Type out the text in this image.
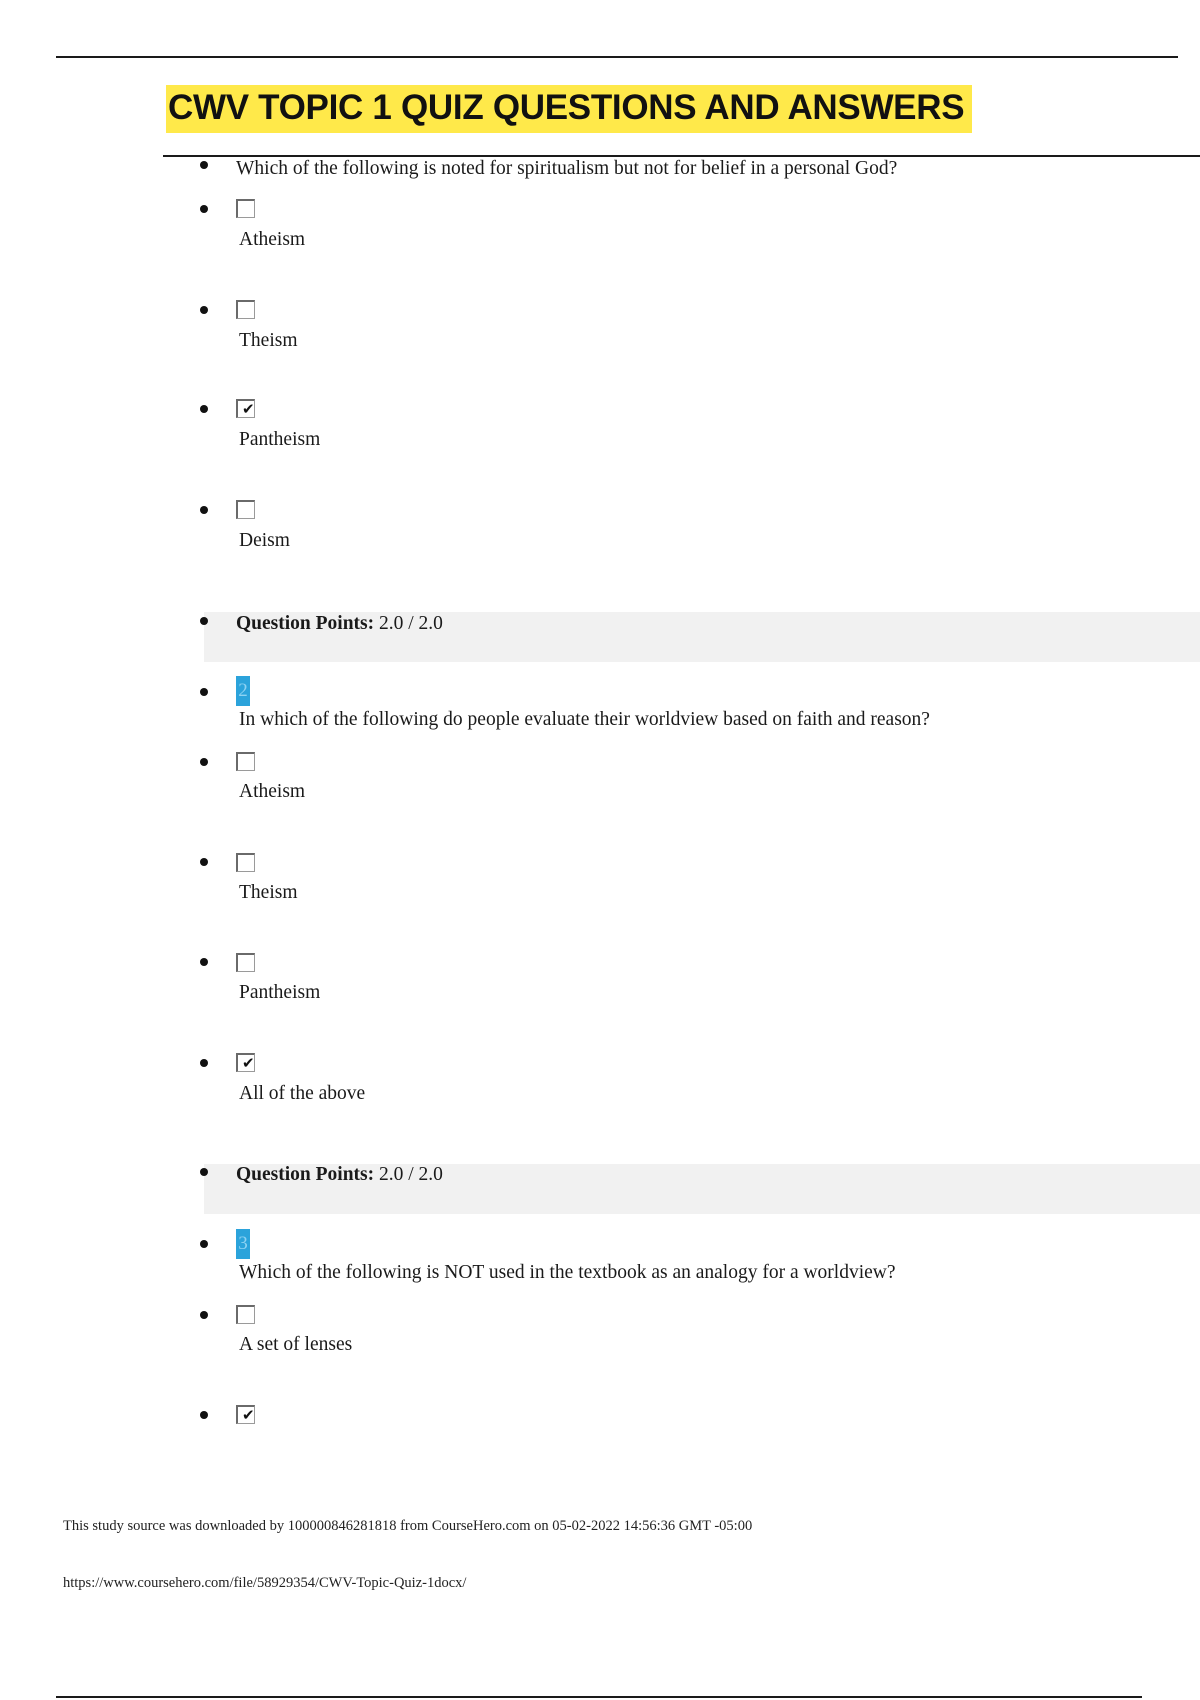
CWV TOPIC 1 QUIZ QUESTIONS AND ANSWERS
Which of the following is noted for spiritualism but not for belief in a personal God?
Atheism
Theism
✔
Pantheism
Deism
Question Points: 2.0 / 2.0
2
In which of the following do people evaluate their worldview based on faith and reason?
Atheism
Theism
Pantheism
✔
All of the above
Question Points: 2.0 / 2.0
3
Which of the following is NOT used in the textbook as an analogy for a worldview?
A set of lenses
✔
This study source was downloaded by 100000846281818 from CourseHero.com on 05-02-2022 14:56:36 GMT -05:00
https://www.coursehero.com/file/58929354/CWV-Topic-Quiz-1docx/
